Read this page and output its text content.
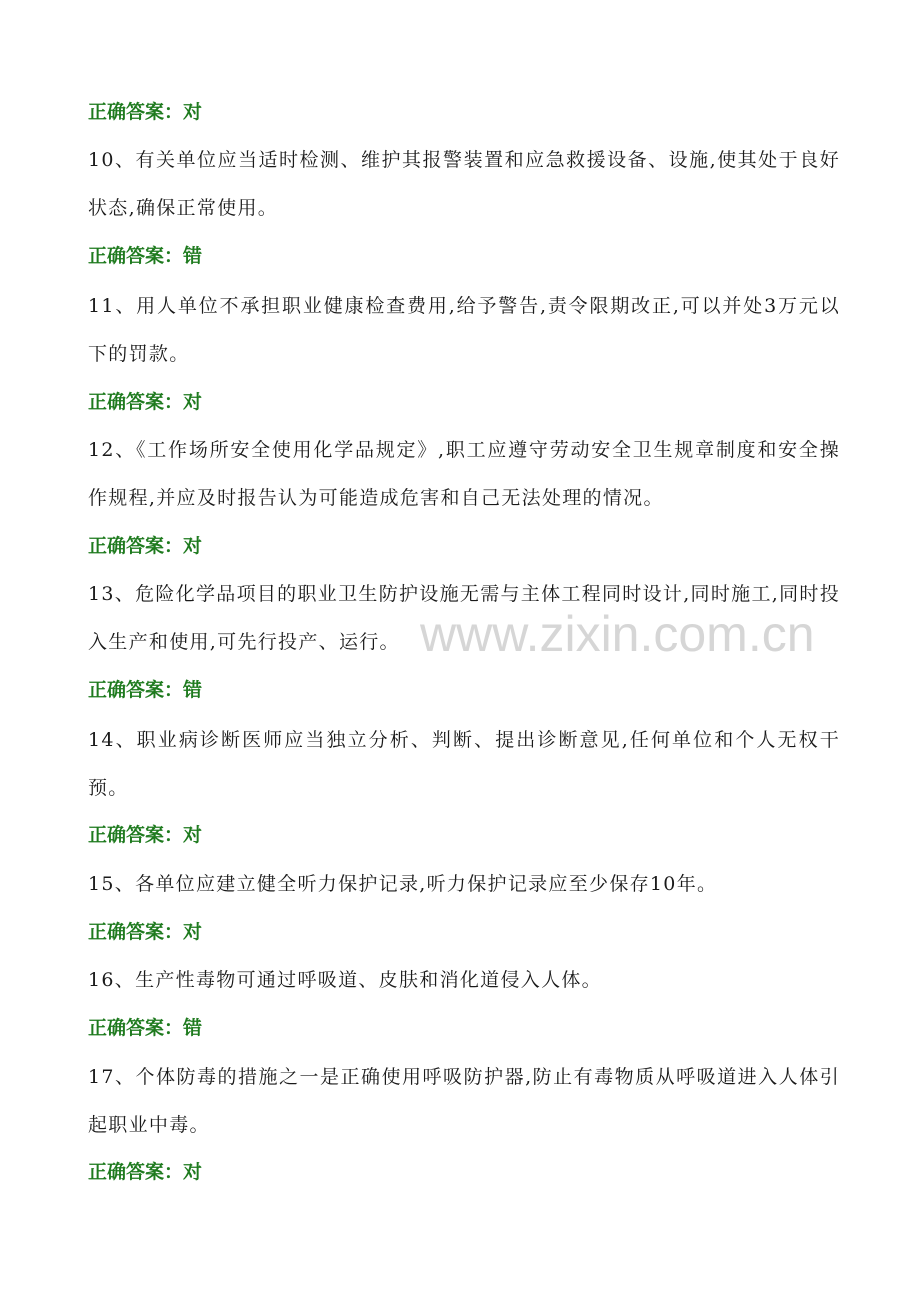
正确答案：对

10、有关单位应当适时检测、维护其报警装置和应急救援设备、设施,使其处于良好状态,确保正常使用。

正确答案：错

11、用人单位不承担职业健康检查费用,给予警告,责令限期改正,可以并处3万元以下的罚款。

正确答案：对

12、《工作场所安全使用化学品规定》,职工应遵守劳动安全卫生规章制度和安全操作规程,并应及时报告认为可能造成危害和自己无法处理的情况。

正确答案：对

13、危险化学品项目的职业卫生防护设施无需与主体工程同时设计,同时施工,同时投入生产和使用,可先行投产、运行。

正确答案：错

14、职业病诊断医师应当独立分析、判断、提出诊断意见,任何单位和个人无权干预。

正确答案：对

15、各单位应建立健全听力保护记录,听力保护记录应至少保存10年。

正确答案：对

16、生产性毒物可通过呼吸道、皮肤和消化道侵入人体。

正确答案：错

17、个体防毒的措施之一是正确使用呼吸防护器,防止有毒物质从呼吸道进入人体引起职业中毒。

正确答案：对

www.zixin.com.cn
